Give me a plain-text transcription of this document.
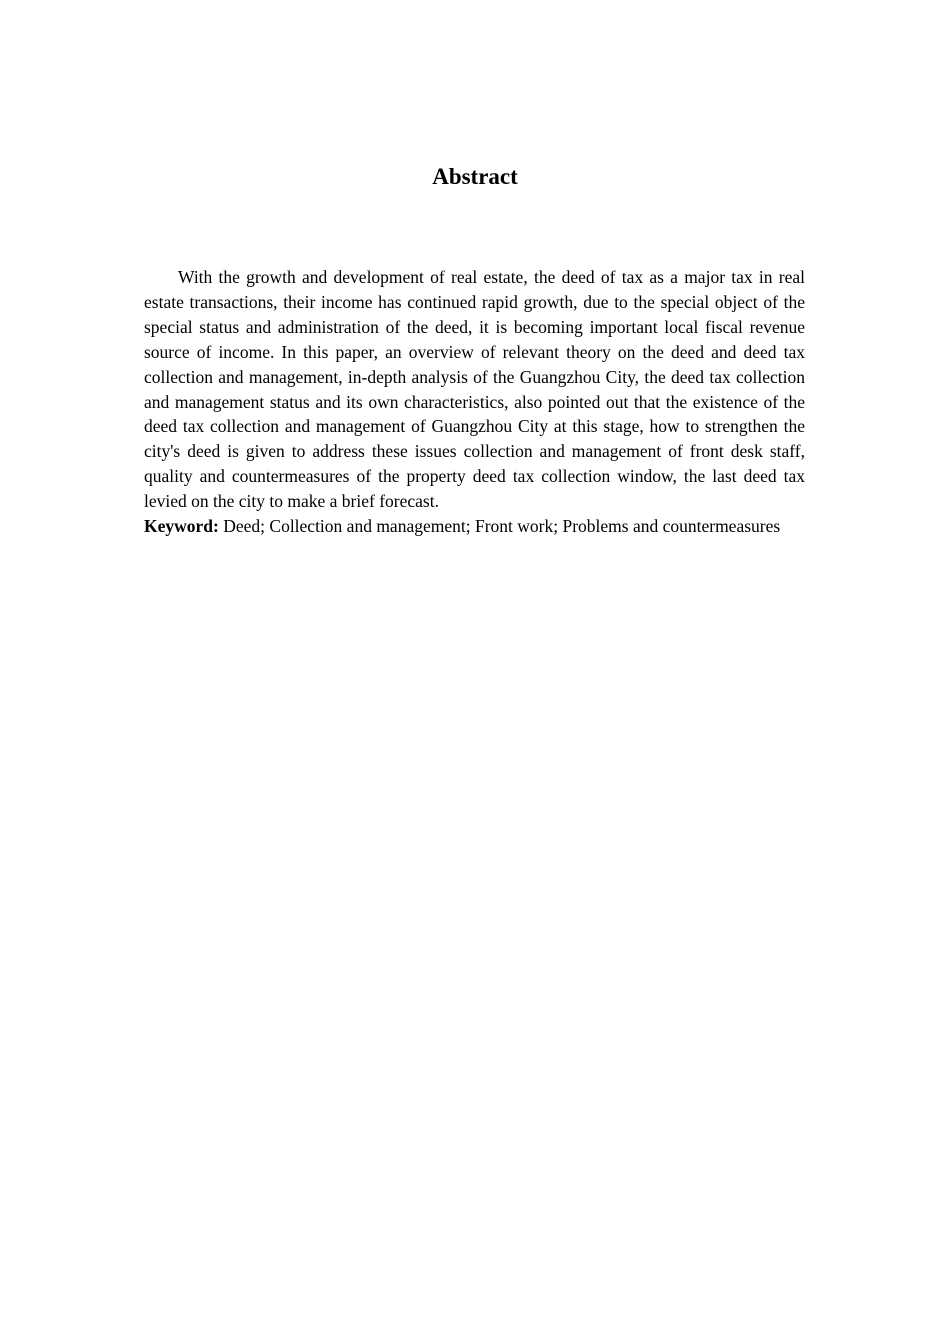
Abstract

With the growth and development of real estate, the deed of tax as a major tax in real estate transactions, their income has continued rapid growth, due to the special object of the special status and administration of the deed, it is becoming important local fiscal revenue source of income. In this paper, an overview of relevant theory on the deed and deed tax collection and management, in-depth analysis of the Guangzhou City, the deed tax collection and management status and its own characteristics, also pointed out that the existence of the deed tax collection and management of Guangzhou City at this stage, how to strengthen the city's deed is given to address these issues collection and management of front desk staff, quality and countermeasures of the property deed tax collection window, the last deed tax levied on the city to make a brief forecast.

Keyword: Deed; Collection and management; Front work; Problems and countermeasures
